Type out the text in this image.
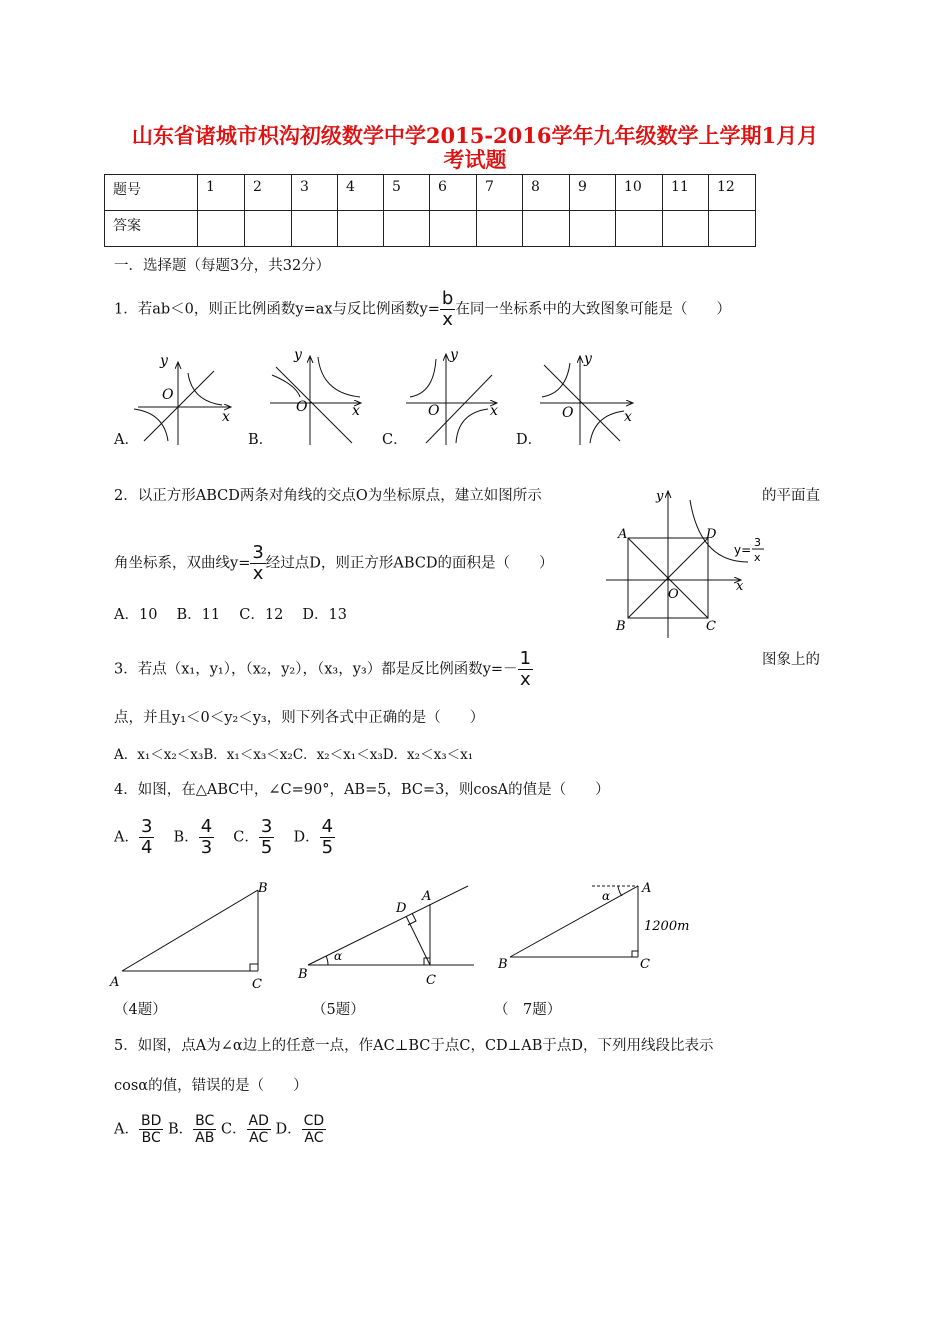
山东省诸城市枳沟初级数学中学2015-2016学年九年级数学上学期1月月
考试题
题号	1	2	3	4	5	6	7	8	9	10	11	12
答案												
一．选择题（每题3分，共32分）
1．若ab＜0，则正比例函数y=ax与反比例函数$y= \frac{b}{x}$ 在同一坐标系中的大致图象可能是（　　）
y
x
O
y
x
O
y
x
O
y
x
O
A．	B．	C．	D．
2．以正方形ABCD两条对角线的交点O为坐标原点，建立如图所示	的平面直
角坐标系，双曲线$y= \frac{3}{x}$ 经过点D，则正方形ABCD的面积是（　　）
A．10　 B．11　 C．12　 D．13
y
x
A	D
B	C
O
y=
3
x
3．若点（x₁，y₁），（x₂，y₂），（x₃，y₃）都是反比例函数$y=- \frac{1}{x}$	图象上的
点，并且y₁＜0＜y₂＜y₃，则下列各式中正确的是（　　）
A．x₁＜x₂＜x₃B．x₁＜x₃＜x₂C．x₂＜x₁＜x₃D．x₂＜x₃＜x₁
4．如图，在△ABC中，∠C=90°，AB=5，BC=3，则cosA的值是（　　）
A． $\frac{3}{4}$
　 B． $\frac{4}{3}$
　 C． $\frac{3}{5}$
　 D． $\frac{4}{5}$
A
B
C
B	C
A
D
α
B	C
A
α
1200m
（4题）	（5题）	（　7题）
5．如图，点A为∠α边上的任意一点，作AC⊥BC于点C，CD⊥AB于点D，下列用线段比表示
cosα的值，错误的是（　　）
A． $\frac{BD}{BC}$ B． $\frac{BC}{AB}$ C． $\frac{AD}{AC}$ D． $\frac{CD}{AC}$
